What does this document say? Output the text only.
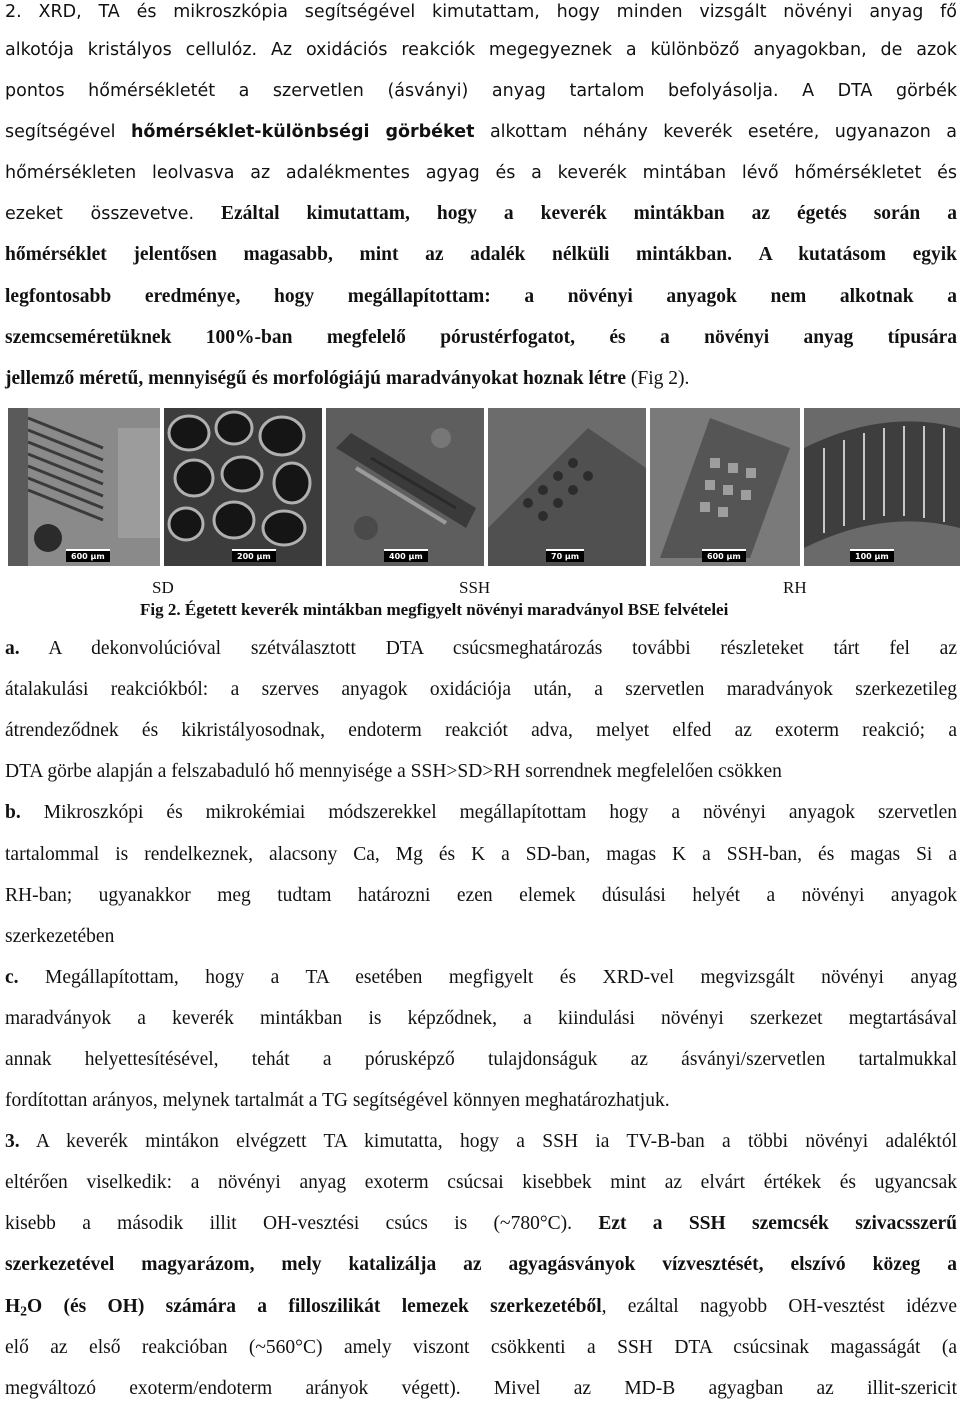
2. XRD, TA és mikroszkópia segítségével kimutattam, hogy minden vizsgált növényi anyag fő
alkotója kristályos cellulóz. Az oxidációs reakciók megegyeznek a különböző anyagokban, de azok
pontos hőmérsékletét a szervetlen (ásványi) anyag tartalom befolyásolja. A DTA görbék
segítségével hőmérséklet-különbségi görbéket alkottam néhány keverék esetére, ugyanazon a
hőmérsékleten leolvasva az adalékmentes agyag és a keverék mintában lévő hőmérsékletet és
ezeket összevetve. Ezáltal kimutattam, hogy a keverék mintákban az égetés során a
hőmérséklet jelentősen magasabb, mint az adalék nélküli mintákban. A kutatásom egyik
legfontosabb eredménye, hogy megállapítottam: a növényi anyagok nem alkotnak a
szemcseméretüknek 100%-ban megfelelő pórustérfogatot, és a növényi anyag típusára
jellemző méretű, mennyiségű és morfológiájú maradványokat hoznak létre (Fig 2).
600 µm	200 µm	400 µm	70 µm	600 µm	100 µm
SD	SSH	RH
Fig 2. Égetett keverék mintákban megfigyelt növényi maradványol BSE felvételei
a. A dekonvolúcióval szétválasztott DTA csúcsmeghatározás további részleteket tárt fel az
átalakulási reakciókból: a szerves anyagok oxidációja után, a szervetlen maradványok szerkezetileg
átrendeződnek és kikristályosodnak, endoterm reakciót adva, melyet elfed az exoterm reakció; a
DTA görbe alapján a felszabaduló hő mennyisége a SSH>SD>RH sorrendnek megfelelően csökken
b. Mikroszkópi és mikrokémiai módszerekkel megállapítottam hogy a növényi anyagok szervetlen
tartalommal is rendelkeznek, alacsony Ca, Mg és K a SD-ban, magas K a SSH-ban, és magas Si a
RH-ban; ugyanakkor meg tudtam határozni ezen elemek dúsulási helyét a növényi anyagok
szerkezetében
c. Megállapítottam, hogy a TA esetében megfigyelt és XRD-vel megvizsgált növényi anyag
maradványok a keverék mintákban is képződnek, a kiindulási növényi szerkezet megtartásával
annak helyettesítésével, tehát a pórusképző tulajdonságuk az ásványi/szervetlen tartalmukkal
fordítottan arányos, melynek tartalmát a TG segítségével könnyen meghatározhatjuk.
3. A keverék mintákon elvégzett TA kimutatta, hogy a SSH ia TV-B-ban a többi növényi adaléktól
eltérően viselkedik: a növényi anyag exoterm csúcsai kisebbek mint az elvárt értékek és ugyancsak
kisebb a második illit OH-vesztési csúcs is (~780°C). Ezt a SSH szemcsék szivacsszerű
szerkezetével magyarázom, mely katalizálja az agyagásványok vízvesztését, elszívó közeg a
$H_2O$ (és OH) számára a filloszilikát lemezek szerkezetéből, ezáltal nagyobb OH-vesztést idézve
elő az első reakcióban (~560°C) amely viszont csökkenti a SSH DTA csúcsinak magasságát (a
megváltozó exoterm/endoterm arányok végett). Mivel az MD-B agyagban az illit-szericit
